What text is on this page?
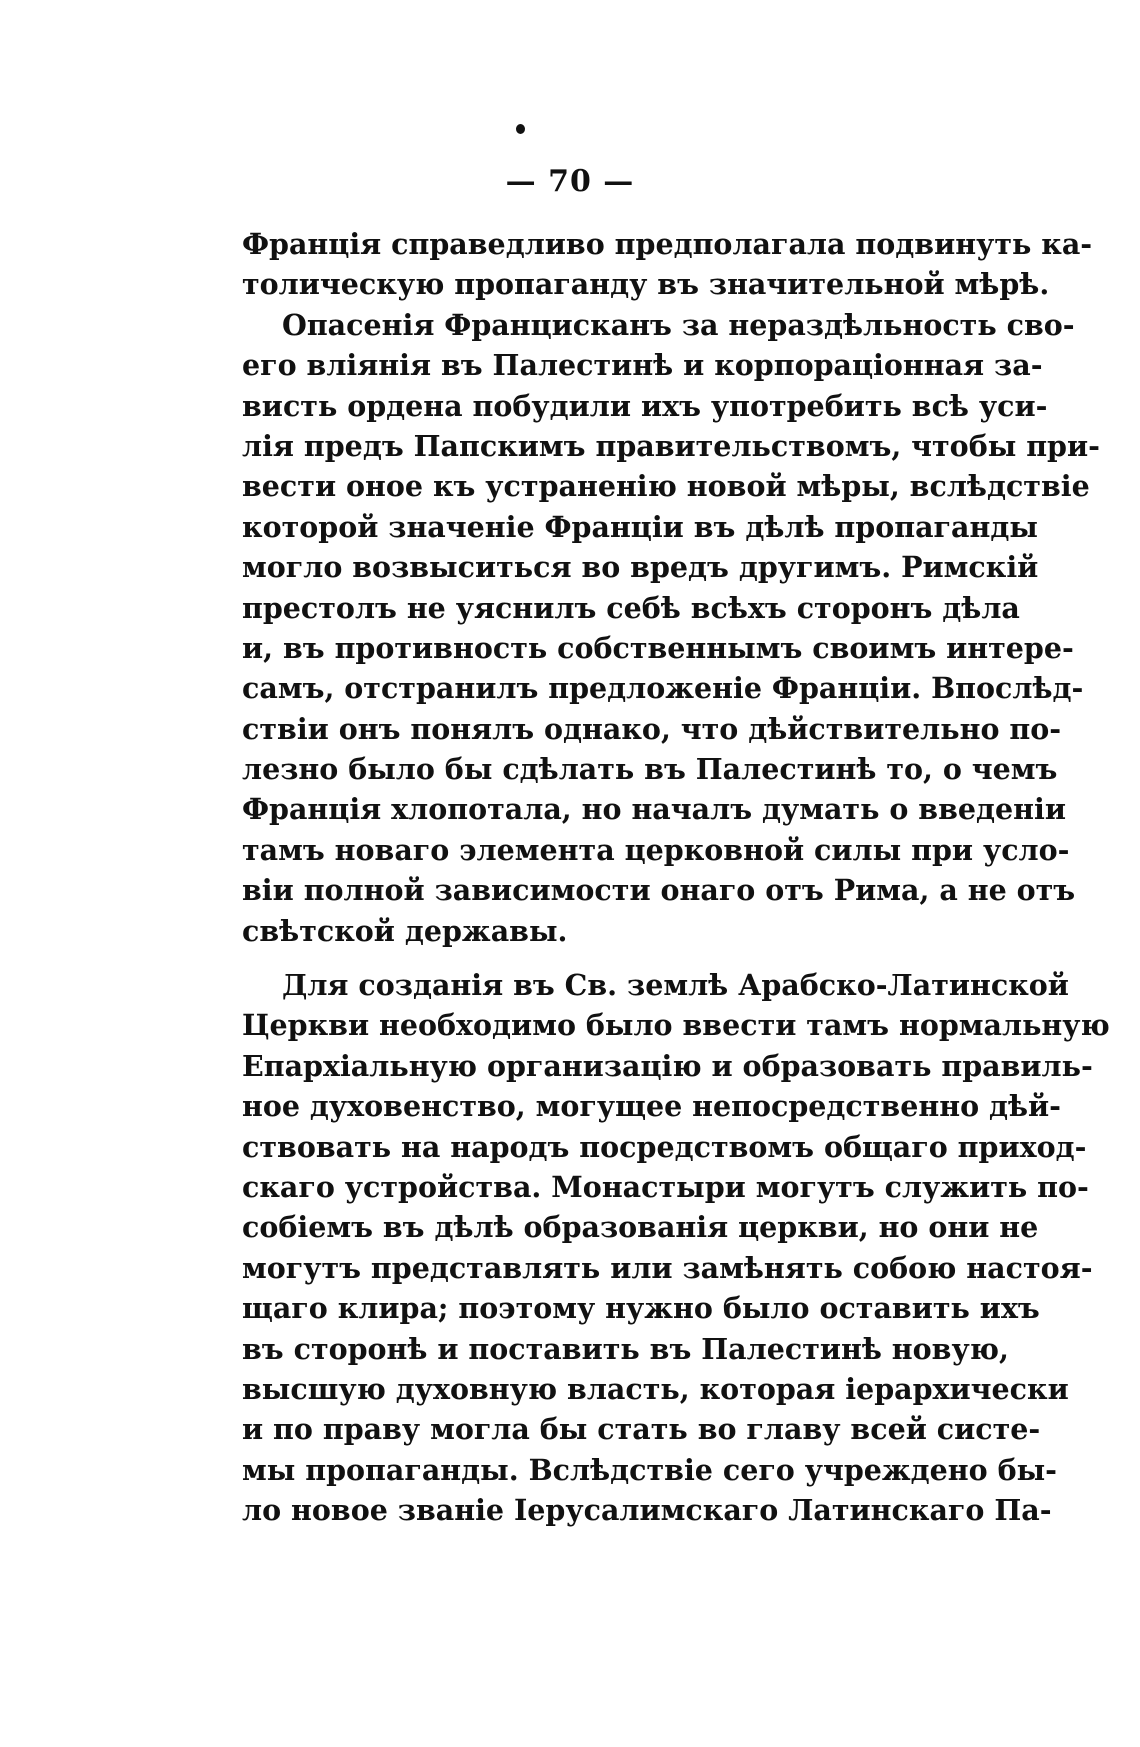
— 70 —
Франція справедливо предполагала подвинуть ка-
толическую пропаганду въ значительной мѣрѣ.
Опасенія Францисканъ за нераздѣльность сво-
его вліянія въ Палестинѣ и корпораціонная за-
висть ордена побудили ихъ употребить всѣ уси-
лія предъ Папскимъ правительствомъ, чтобы при-
вести оное къ устраненію новой мѣры, вслѣдствіе
которой значеніе Франціи въ дѣлѣ пропаганды
могло возвыситься во вредъ другимъ. Римскій
престолъ не уяснилъ себѣ всѣхъ сторонъ дѣла
и, въ противность собственнымъ своимъ интере-
самъ, отстранилъ предложеніе Франціи. Впослѣд-
ствіи онъ понялъ однако, что дѣйствительно по-
лезно было бы сдѣлать въ Палестинѣ то, о чемъ
Франція хлопотала, но началъ думать о введеніи
тамъ новаго элемента церковной силы при усло-
віи полной зависимости онаго отъ Рима, а не отъ
свѣтской державы.
Для созданія въ Св. землѣ Арабско-Латинской
Церкви необходимо было ввести тамъ нормальную
Епархіальную организацію и образовать правиль-
ное духовенство, могущее непосредственно дѣй-
ствовать на народъ посредствомъ общаго приход-
скаго устройства. Монастыри могутъ служить по-
собіемъ въ дѣлѣ образованія церкви, но они не
могутъ представлять или замѣнять собою настоя-
щаго клира; поэтому нужно было оставить ихъ
въ сторонѣ и поставить въ Палестинѣ новую,
высшую духовную власть, которая іерархически
и по праву могла бы стать во главу всей систе-
мы пропаганды. Вслѣдствіе сего учреждено бы-
ло новое званіе Іерусалимскаго Латинскаго Па-
